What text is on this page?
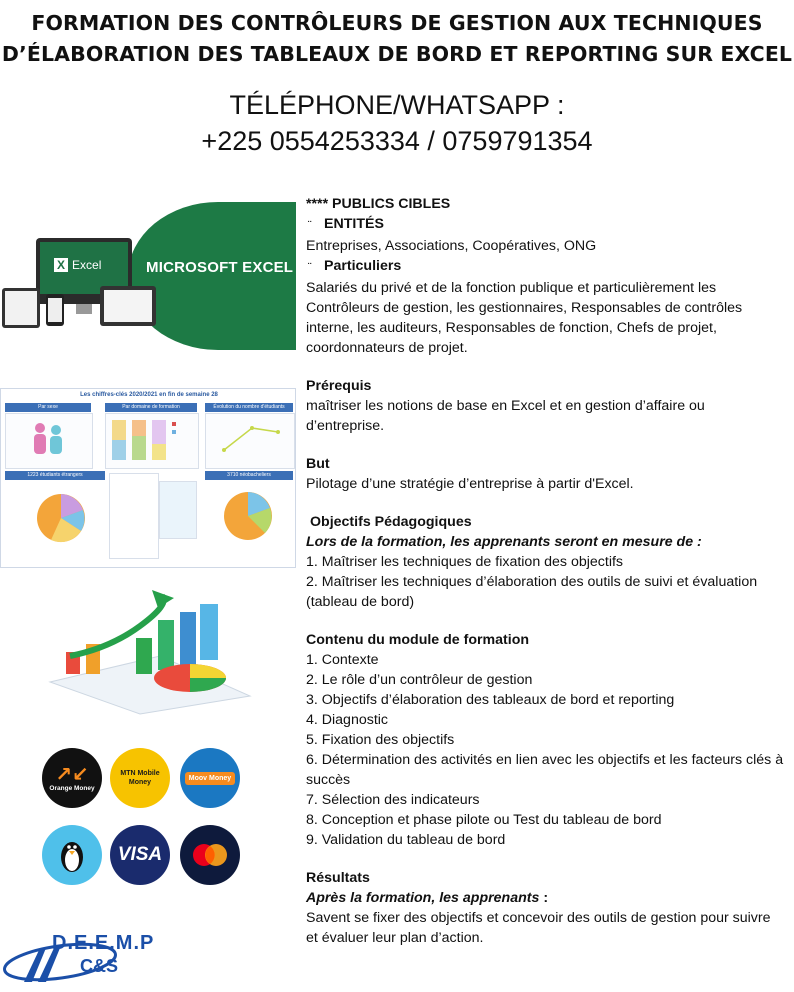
FORMATION DES CONTRÔLEURS DE GESTION AUX TECHNIQUES
D’ÉLABORATION DES TABLEAUX DE BORD ET REPORTING SUR EXCEL
TÉLÉPHONE/WHATSAPP :
+225 0554253334 / 0759791354
MICROSOFT EXCEL
X Excel
Les chiffres-clés 2020/2021 en fin de semaine 28
Par sexe	Par domaine de formation	Évolution du nombre d'étudiants
1223 étudiants étrangers	3710 néobacheliers
↗↙
Orange Money
MTN Mobile Money
Moov Money
VISA
D.E.E.M.P
C&S

**** PUBLICS CIBLES

¨ ENTITÉS

Entreprises, Associations, Coopératives, ONG

¨ Particuliers

Salariés du privé et de la fonction publique et particulièrement les Contrôleurs de gestion, les gestionnaires, Responsables de contrôles interne, les auditeurs, Responsables de fonction, Chefs de projet, coordonnateurs de projet.

Prérequis

maîtriser les notions de base en Excel et en gestion d’affaire ou d’entreprise.

But

Pilotage d’une stratégie d’entreprise à partir d'Excel.

Objectifs Pédagogiques

Lors de la formation, les apprenants seront en mesure de :

1. Maîtriser les techniques de fixation des objectifs

2. Maîtriser les techniques d’élaboration des outils de suivi et évaluation (tableau de bord)

Contenu du module de formation

1. Contexte

2. Le rôle d’un contrôleur de gestion

3. Objectifs d’élaboration des tableaux de bord et reporting

4. Diagnostic

5. Fixation des objectifs

6. Détermination des activités en lien avec les objectifs et les facteurs clés à succès

7. Sélection des indicateurs

8. Conception et phase pilote ou Test du tableau de bord

9. Validation du tableau de bord

Résultats

Après la formation, les apprenants :

Savent se fixer des objectifs et concevoir des outils de gestion pour suivre et évaluer leur plan d’action.
